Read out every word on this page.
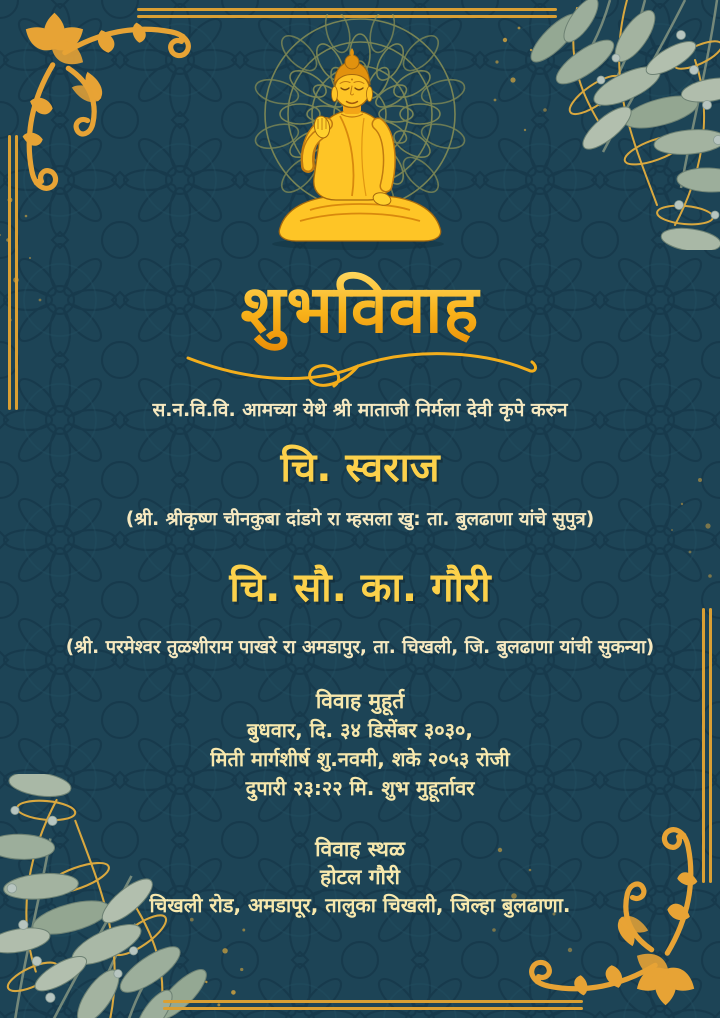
शुभविवाह
स.न.वि.वि. आमच्या येथे श्री माताजी निर्मला देवी कृपे करुन
चि. स्वराज
(श्री. श्रीकृष्ण चीनकुबा दांडगे रा म्हसला खु: ता. बुलढाणा यांचे सुपुत्र)
चि. सौ. का. गौरी
(श्री. परमेश्वर तुळशीराम पाखरे रा अमडापुर, ता. चिखली, जि. बुलढाणा यांची सुकन्या)
विवाह मुहूर्त
बुधवार, दि. ३४ डिसेंबर ३०३०,
मिती मार्गशीर्ष शु.नवमी, शके २०५३ रोजी
दुपारी २३:२२ मि. शुभ मुहूर्तावर
विवाह स्थळ
होटल गौरी
चिखली रोड, अमडापूर, तालुका चिखली, जिल्हा बुलढाणा.
